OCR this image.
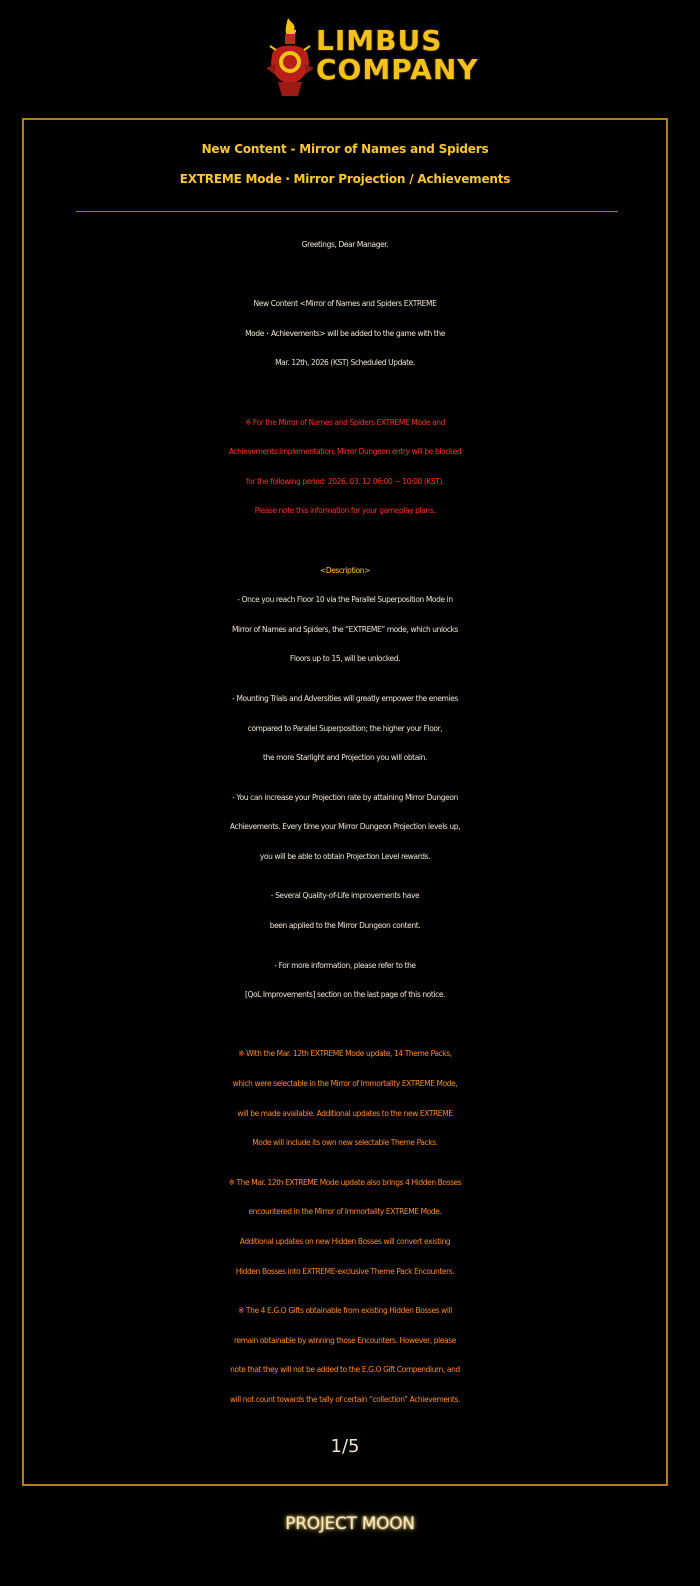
LIMBUS
COMPANY
New Content - Mirror of Names and Spiders
EXTREME Mode・Mirror Projection / Achievements
Greetings, Dear Manager.
New Content <Mirror of Names and Spiders EXTREME
Mode・Achievements> will be added to the game with the
Mar. 12th, 2026 (KST) Scheduled Update.
※ For the Mirror of Names and Spiders EXTREME Mode and
Achievements implementation, Mirror Dungeon entry will be blocked
for the following period: 2026. 03. 12 06:00 ~ 10:00 (KST).
Please note this information for your gameplay plans.
<Description>
- Once you reach Floor 10 via the Parallel Superposition Mode in
Mirror of Names and Spiders, the “EXTREME” mode, which unlocks
Floors up to 15, will be unlocked.
- Mounting Trials and Adversities will greatly empower the enemies
compared to Parallel Superposition; the higher your Floor,
the more Starlight and Projection you will obtain.
- You can increase your Projection rate by attaining Mirror Dungeon
Achievements. Every time your Mirror Dungeon Projection levels up,
you will be able to obtain Projection Level rewards.
- Several Quality-of-Life improvements have
been applied to the Mirror Dungeon content.
- For more information, please refer to the
[QoL Improvements] section on the last page of this notice.
※ With the Mar. 12th EXTREME Mode update, 14 Theme Packs,
which were selectable in the Mirror of Immortality EXTREME Mode,
will be made available. Additional updates to the new EXTREME
Mode will include its own new selectable Theme Packs.
※ The Mar. 12th EXTREME Mode update also brings 4 Hidden Bosses
encountered in the Mirror of Immortality EXTREME Mode.
Additional updates on new Hidden Bosses will convert existing
Hidden Bosses into EXTREME-exclusive Theme Pack Encounters.
※ The 4 E.G.O Gifts obtainable from existing Hidden Bosses will
remain obtainable by winning those Encounters. However, please
note that they will not be added to the E.G.O Gift Compendium, and
will not count towards the tally of certain “collection” Achievements.
1/5
PROJECT MOON
